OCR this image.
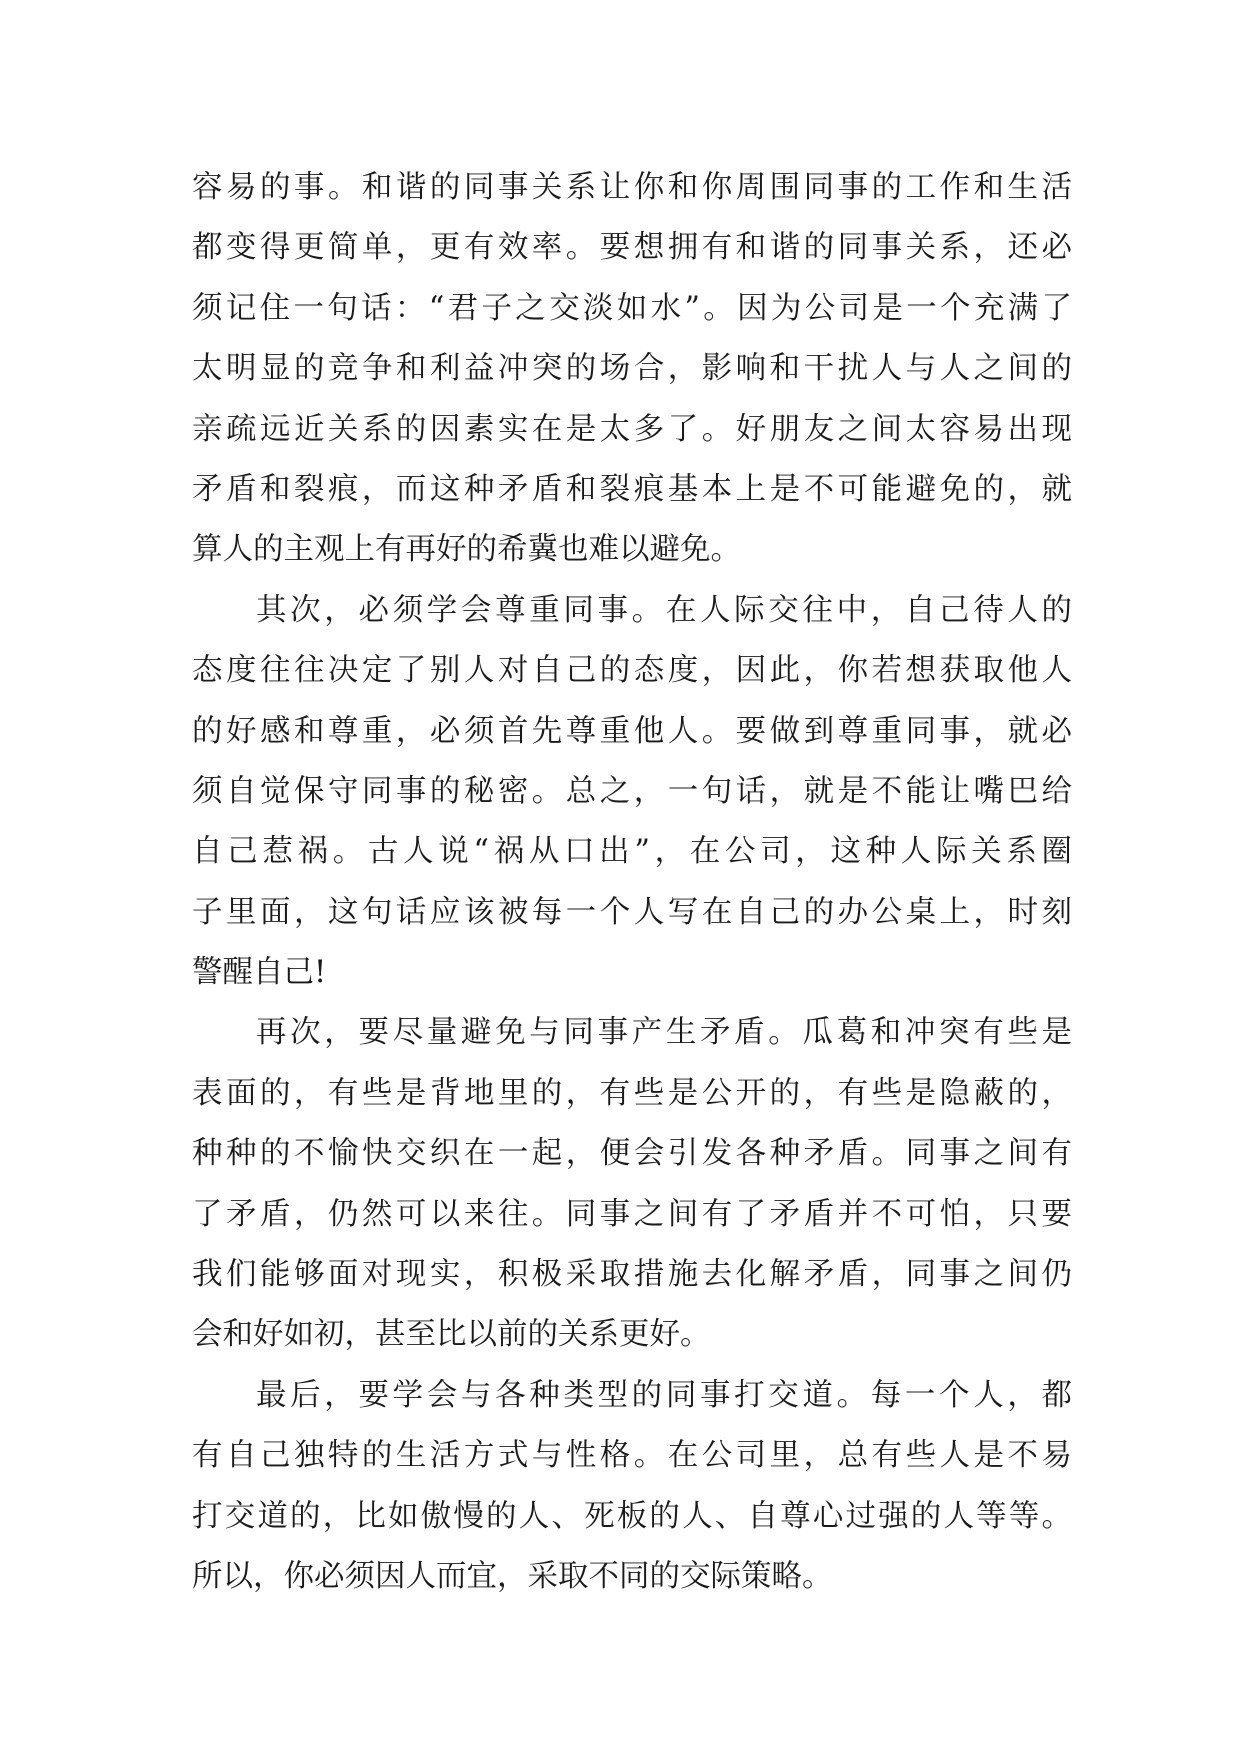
容易的事。和谐的同事关系让你和你周围同事的工作和生活
都变得更简单，更有效率。要想拥有和谐的同事关系，还必
须记住一句话：“君子之交淡如水”。因为公司是一个充满了
太明显的竞争和利益冲突的场合，影响和干扰人与人之间的
亲疏远近关系的因素实在是太多了。好朋友之间太容易出现
矛盾和裂痕，而这种矛盾和裂痕基本上是不可能避免的，就
算人的主观上有再好的希冀也难以避免。
其次，必须学会尊重同事。在人际交往中，自己待人的
态度往往决定了别人对自己的态度，因此，你若想获取他人
的好感和尊重，必须首先尊重他人。要做到尊重同事，就必
须自觉保守同事的秘密。总之，一句话，就是不能让嘴巴给
自己惹祸。古人说“祸从口出”，在公司，这种人际关系圈
子里面，这句话应该被每一个人写在自己的办公桌上，时刻
警醒自己!
再次，要尽量避免与同事产生矛盾。瓜葛和冲突有些是
表面的，有些是背地里的，有些是公开的，有些是隐蔽的，
种种的不愉快交织在一起，便会引发各种矛盾。同事之间有
了矛盾，仍然可以来往。同事之间有了矛盾并不可怕，只要
我们能够面对现实，积极采取措施去化解矛盾，同事之间仍
会和好如初，甚至比以前的关系更好。
最后，要学会与各种类型的同事打交道。每一个人，都
有自己独特的生活方式与性格。在公司里，总有些人是不易
打交道的，比如傲慢的人、死板的人、自尊心过强的人等等。
所以，你必须因人而宜，采取不同的交际策略。
